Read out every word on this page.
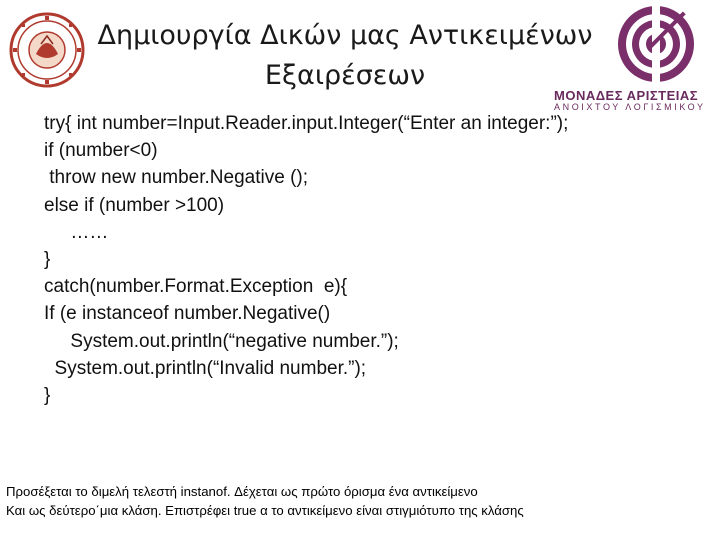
ΜΟΝΑΔΕΣ ΑΡΙΣΤΕΙΑΣ
ΑΝΟΙΧΤΟΥ ΛΟΓΙΣΜΙΚΟΥ
Δημιουργία Δικών μας Αντικειμένων
Εξαιρέσεων
try{ int number=Input.Reader.input.Integer(“Enter an integer:”);
if (number<0)
throw new number.Negative ();
else if (number >100)
……
}
catch(number.Format.Exception  e){
If (e instanceof number.Negative()
System.out.println(“negative number.”);
System.out.println(“Invalid number.”);
}
Προσέξεται το διμελή τελεστή instanof. Δέχεται ως πρώτο όρισμα ένα αντικείμενο
Και ως δεύτερο΄μια κλάση. Επιστρέφει true α το αντικείμενο είναι στιγμιότυπο της κλάσης
